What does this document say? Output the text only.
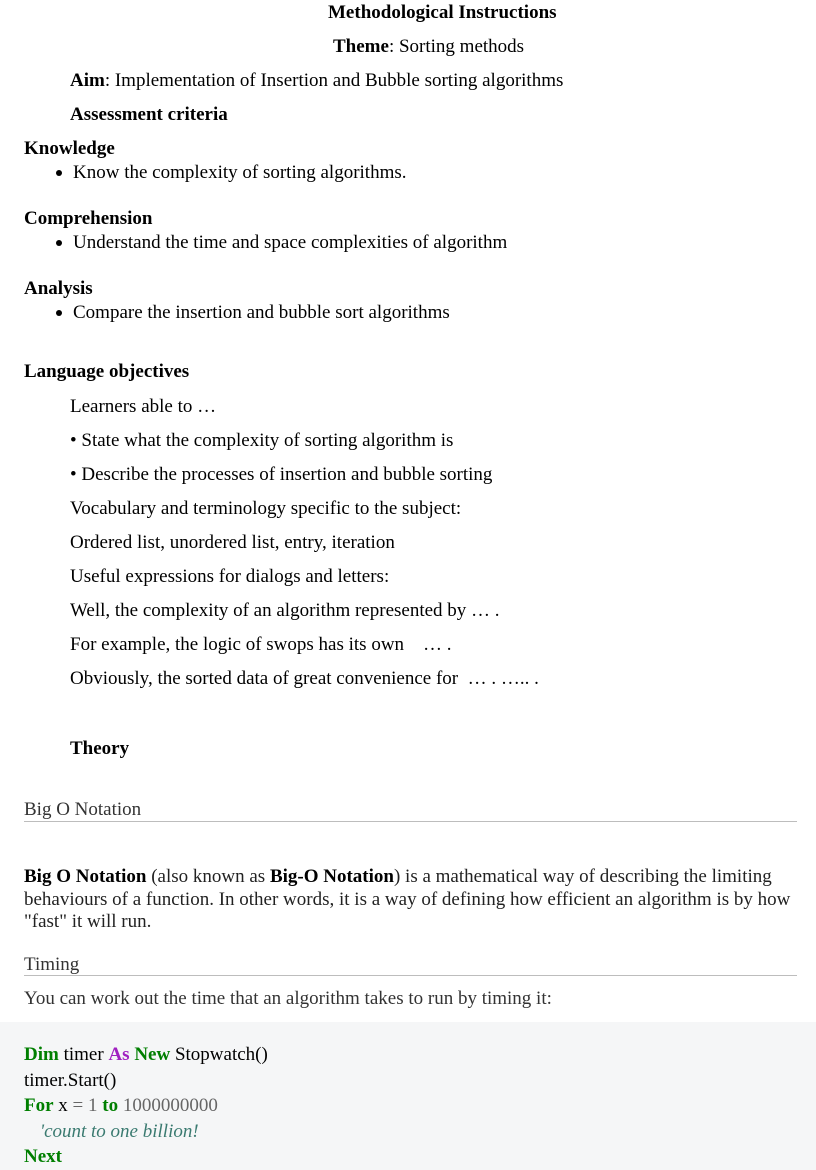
Methodological Instructions
Theme: Sorting methods
Aim: Implementation of Insertion and Bubble sorting algorithms
Assessment criteria
Knowledge
Know the complexity of sorting algorithms.
Comprehension
Understand the time and space complexities of algorithm
Analysis
Compare the insertion and bubble sort algorithms
Language objectives
Learners able to …
• State what the complexity of sorting algorithm is
• Describe the processes of insertion and bubble sorting
Vocabulary and terminology specific to the subject:
Ordered list, unordered list, entry, iteration
Useful expressions for dialogs and letters:
Well, the complexity of an algorithm represented by … .
For example, the logic of swops has its own    … .
Obviously, the sorted data of great convenience for  … . ….. .
Theory
Big O Notation
Big O Notation (also known as Big-O Notation) is a mathematical way of describing the limiting behaviours of a function. In other words, it is a way of defining how efficient an algorithm is by how "fast" it will run.
Timing
You can work out the time that an algorithm takes to run by timing it:
Dim timer As New Stopwatch()
timer.Start()
For x = 1 to 1000000000
'count to one billion!
Next
